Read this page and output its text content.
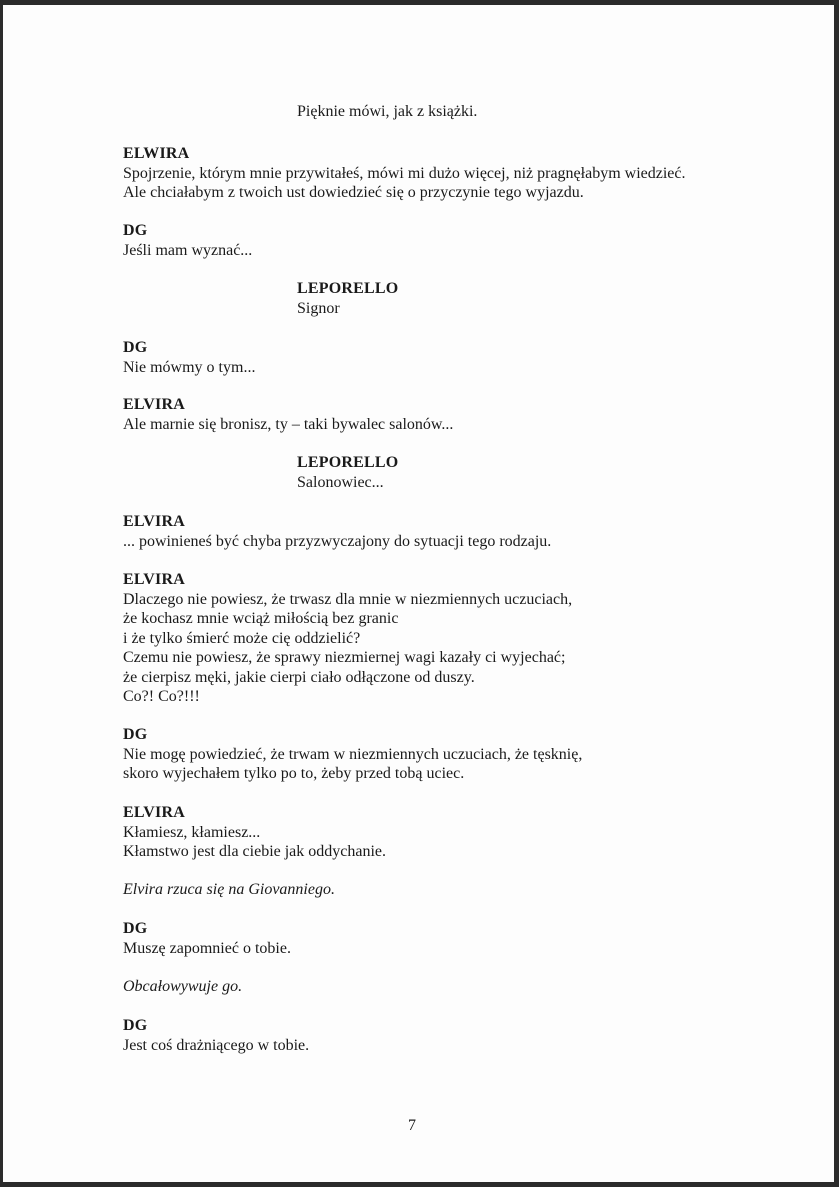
Pięknie mówi, jak z książki.
ELWIRA
Spojrzenie, którym mnie przywitałeś, mówi mi dużo więcej, niż pragnęłabym wiedzieć.
Ale chciałabym z twoich ust dowiedzieć się o przyczynie tego wyjazdu.
DG
Jeśli mam wyznać...
LEPORELLO
Signor
DG
Nie mówmy o tym...
ELVIRA
Ale marnie się bronisz, ty – taki bywalec salonów...
LEPORELLO
Salonowiec...
ELVIRA
... powinieneś być chyba przyzwyczajony do sytuacji tego rodzaju.
ELVIRA
Dlaczego nie powiesz, że trwasz dla mnie w niezmiennych uczuciach,
że kochasz mnie wciąż miłością bez granic
i że tylko śmierć może cię oddzielić?
Czemu nie powiesz, że sprawy niezmiernej wagi kazały ci wyjechać;
że cierpisz męki, jakie cierpi ciało odłączone od duszy.
Co?! Co?!!!
DG
Nie mogę powiedzieć, że trwam w niezmiennych uczuciach, że tęsknię,
skoro wyjechałem tylko po to, żeby przed tobą uciec.
ELVIRA
Kłamiesz, kłamiesz...
Kłamstwo jest dla ciebie jak oddychanie.
Elvira rzuca się na Giovanniego.
DG
Muszę zapomnieć o tobie.
Obcałowywuje go.
DG
Jest coś drażniącego w tobie.
7
